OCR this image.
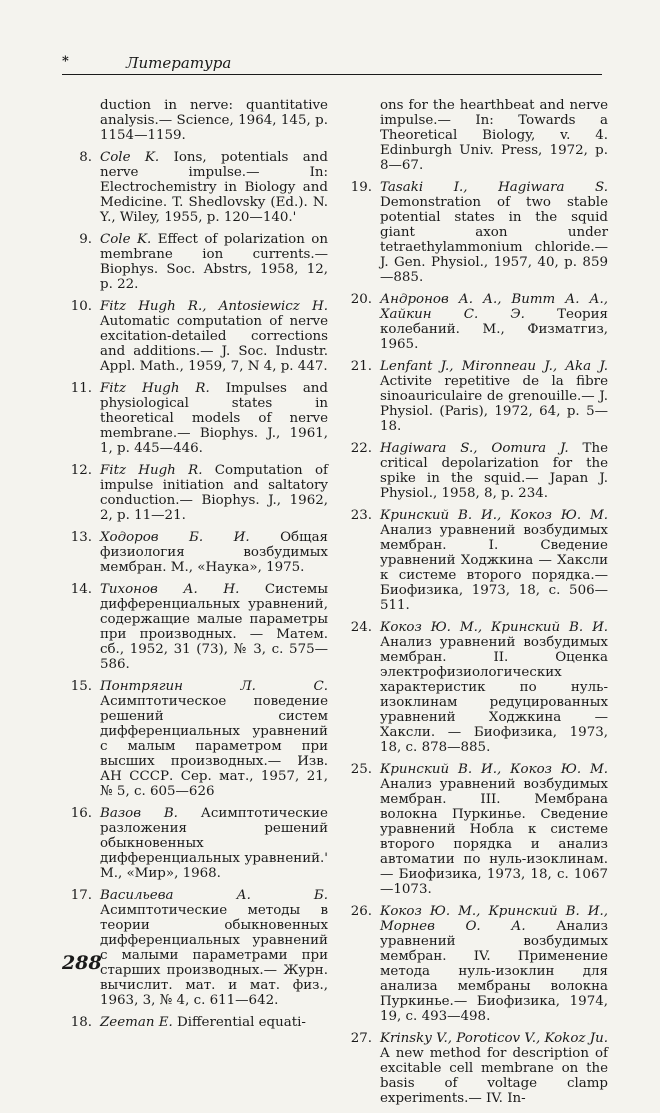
*	Литература
duction in nerve: quantitative analysis.— Science, 1964, 145, p. 1154—1159.
8. Cole K. Ions, potentials and nerve impulse.— In: Electrochemistry in Biology and Medicine. T. Shedlovsky (Ed.). N. Y., Wiley, 1955, p. 120—140.'
9. Cole K. Effect of polarization on membrane ion currents.— Biophys. Soc. Abstrs, 1958, 12, p. 22.
10. Fitz Hugh R., Antosiewicz H. Automatic computation of nerve excitation-detailed corrections and additions.— J. Soc. Industr. Appl. Math., 1959, 7, N 4, p. 447.
11. Fitz Hugh R. Impulses and physiological states in theoretical models of nerve membrane.— Biophys. J., 1961, 1, p. 445—446.
12. Fitz Hugh R. Computation of impulse initiation and saltatory conduction.— Biophys. J., 1962, 2, p. 11—21.
13. Ходоров Б. И. Общая физиология возбудимых мембран. М., «Наука», 1975.
14. Тихонов А. Н. Системы дифференциальных уравнений, содержащие малые параметры при производных. — Матем. сб., 1952, 31 (73), № 3, с. 575—586.
15. Понтрягин Л. С. Асимптотическое поведение решений систем дифференциальных уравнений с малым параметром при высших производных.— Изв. АН СССР. Сер. мат., 1957, 21, № 5, с. 605—626
16. Вазов В. Асимптотические разложения решений обыкновенных дифференциальных уравнений.' М., «Мир», 1968.
17. Васильева А. Б. Асимптотические методы в теории обыкновенных дифференциальных уравнений с малыми параметрами при старших производных.— Журн. вычислит. мат. и мат. физ., 1963, 3, № 4, с. 611—642.
18. Zeeman E. Differential equati-
ons for the hearthbeat and nerve impulse.— In: Towards a Theoretical Biology, v. 4. Edinburgh Univ. Press, 1972, p. 8—67.
19. Tasaki I., Hagiwara S. Demonstration of two stable potential states in the squid giant axon under tetraethylammonium chloride.— J. Gen. Physiol., 1957, 40, p. 859—885.
20. Андронов А. А., Витт А. А., Хайкин С. Э. Теория колебаний. М., Физматгиз, 1965.
21. Lenfant J., Mironneau J., Aka J. Activite repetitive de la fibre sinoauriculaire de grenouille.— J. Physiol. (Paris), 1972, 64, p. 5—18.
22. Hagiwara S., Oomura J. The critical depolarization for the spike in the squid.— Japan J. Physiol., 1958, 8, p. 234.
23. Кринский В. И., Кокоз Ю. М. Анализ уравнений возбудимых мембран. I. Сведение уравнений Ходжкина — Хаксли к системе второго порядка.— Биофизика, 1973, 18, с. 506—511.
24. Кокоз Ю. М., Кринский В. И. Анализ уравнений возбудимых мембран. II. Оценка электрофизиологических характеристик по нуль-изоклинам редуцированных уравнений Ходжкина — Хаксли. — Биофизика, 1973, 18, с. 878—885.
25. Кринский В. И., Кокоз Ю. М. Анализ уравнений возбудимых мембран. III. Мембрана волокна Пуркинье. Сведение уравнений Нобла к системе второго порядка и анализ автоматии по нуль-изоклинам.— Биофизика, 1973, 18, с. 1067—1073.
26. Кокоз Ю. М., Кринский В. И., Морнев О. А. Анализ уравнений возбудимых мембран. IV. Применение метода нуль-изоклин для анализа мембраны волокна Пуркинье.— Биофизика, 1974, 19, с. 493—498.
27. Krinsky V., Poroticov V., Kokoz Ju. A new method for description of excitable cell membrane on the basis of voltage clamp experiments.— IV. In-
288
